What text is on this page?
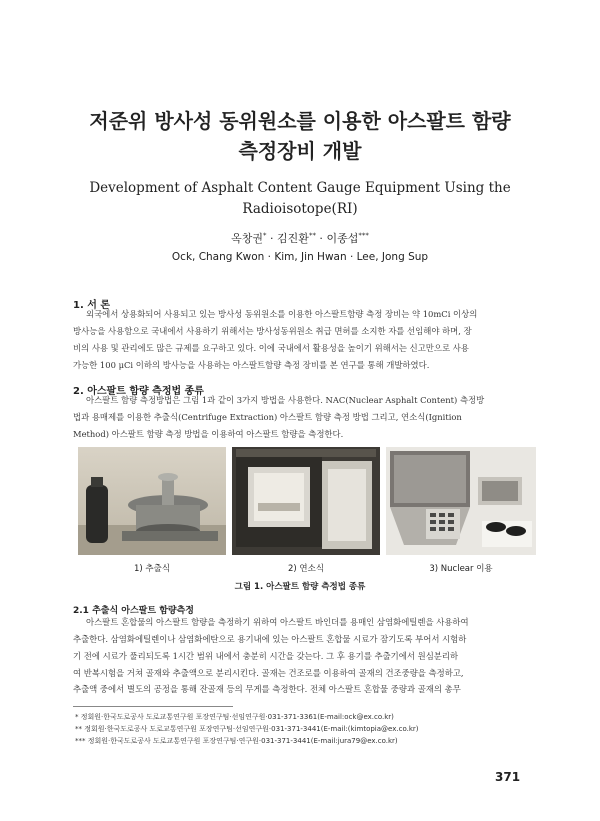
저준위 방사성 동위원소를 이용한 아스팔트 함량
측정장비 개발
Development of Asphalt Content Gauge Equipment Using the
Radioisotope(RI)
옥창권* · 김진환** · 이종섭***
Ock, Chang Kwon · Kim, Jin Hwan · Lee, Jong Sup
1. 서 론
외국에서 상용화되어 사용되고 있는 방사성 동위원소를 이용한 아스팔트함량 측정 장비는 약 10mCi 이상의
방사능을 사용함으로 국내에서 사용하기 위해서는 방사성동위원소 취급 면허를 소지한 자를 선임해야 하며, 장
비의 사용 및 관리에도 많은 규제를 요구하고 있다. 이에 국내에서 활용성을 높이기 위해서는 신고만으로 사용
가능한 100 μCi 이하의 방사능을 사용하는 아스팔트함량 측정 장비를 본 연구를 통해 개발하였다.
2. 아스팔트 함량 측정법 종류
아스팔트 함량 측정방법은 그림 1과 같이 3가지 방법을 사용한다. NAC(Nuclear Asphalt Content) 측정방
법과 용매제를 이용한 추출식(Centrifuge Extraction) 아스팔트 함량 측정 방법 그리고, 연소식(Ignition
Method) 아스팔트 함량 측정 방법을 이용하여 아스팔트 함량을 측정한다.
1) 추출식	2) 연소식	3) Nuclear 이용
그림 1. 아스팔트 함량 측정법 종류
2.1 추출식 아스팔트 함량측정
아스팔트 혼합물의 아스팔트 함량을 측정하기 위하여 아스팔트 바인더를 용매인 삼염화에틸렌을 사용하여
추출한다. 삼염화에틸렌이나 삼염화에탄으로 용기내에 있는 아스팔트 혼합물 시료가 잠기도록 부어서 시험하
기 전에 시료가 풀리되도록 1시간 범위 내에서 충분히 시간을 갖는다. 그 후 용기를 추출기에서 원심분리하
여 반복시험을 거쳐 골재와 추출액으로 분리시킨다. 골재는 건조로를 이용하여 골재의 건조중량을 측정하고,
추출액 중에서 별도의 공정을 통해 잔골재 등의 무게를 측정한다. 전체 아스팔트 혼합물 중량과 골재의 총무
* 정회원·한국도로공사 도로교통연구원 포장연구팀·선임연구원·031-371-3361(E-mail:ock@ex.co.kr)
** 정회원·한국도로공사 도로교통연구원 포장연구팀·선임연구원·031-371-3441(E-mail:(kimtopia@ex.co.kr)
*** 정회원·한국도로공사 도로교통연구원 포장연구팀·연구원·031-371-3441(E-mail:jura79@ex.co.kr)
371
